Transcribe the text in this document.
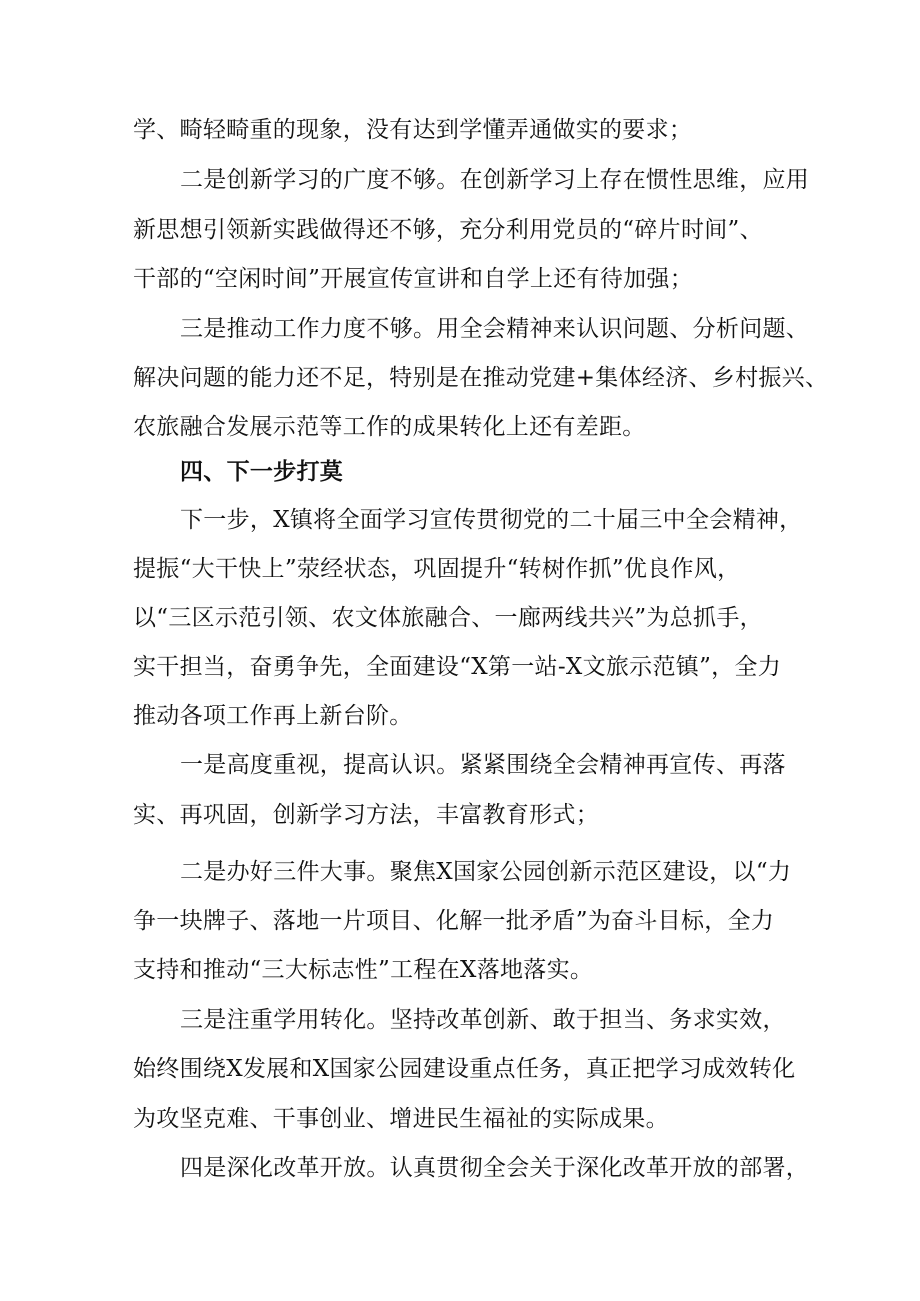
学、畸轻畸重的现象，没有达到学懂弄通做实的要求；
二是创新学习的广度不够。在创新学习上存在惯性思维，应用
新思想引领新实践做得还不够，充分利用党员的“碎片时间”、
干部的“空闲时间”开展宣传宣讲和自学上还有待加强；
三是推动工作力度不够。用全会精神来认识问题、分析问题、
解决问题的能力还不足，特别是在推动党建+集体经济、乡村振兴、
农旅融合发展示范等工作的成果转化上还有差距。
四、下一步打莫
下一步，X镇将全面学习宣传贯彻党的二十届三中全会精神，
提振“大干快上”荥经状态，巩固提升“转树作抓”优良作风，
以“三区示范引领、农文体旅融合、一廊两线共兴”为总抓手，
实干担当，奋勇争先，全面建设“X第一站-X文旅示范镇”，全力
推动各项工作再上新台阶。
一是高度重视，提高认识。紧紧围绕全会精神再宣传、再落
实、再巩固，创新学习方法，丰富教育形式；
二是办好三件大事。聚焦X国家公园创新示范区建设，以“力
争一块牌子、落地一片项目、化解一批矛盾”为奋斗目标，全力
支持和推动“三大标志性”工程在X落地落实。
三是注重学用转化。坚持改革创新、敢于担当、务求实效，
始终围绕X发展和X国家公园建设重点任务，真正把学习成效转化
为攻坚克难、干事创业、增进民生福祉的实际成果。
四是深化改革开放。认真贯彻全会关于深化改革开放的部署，
